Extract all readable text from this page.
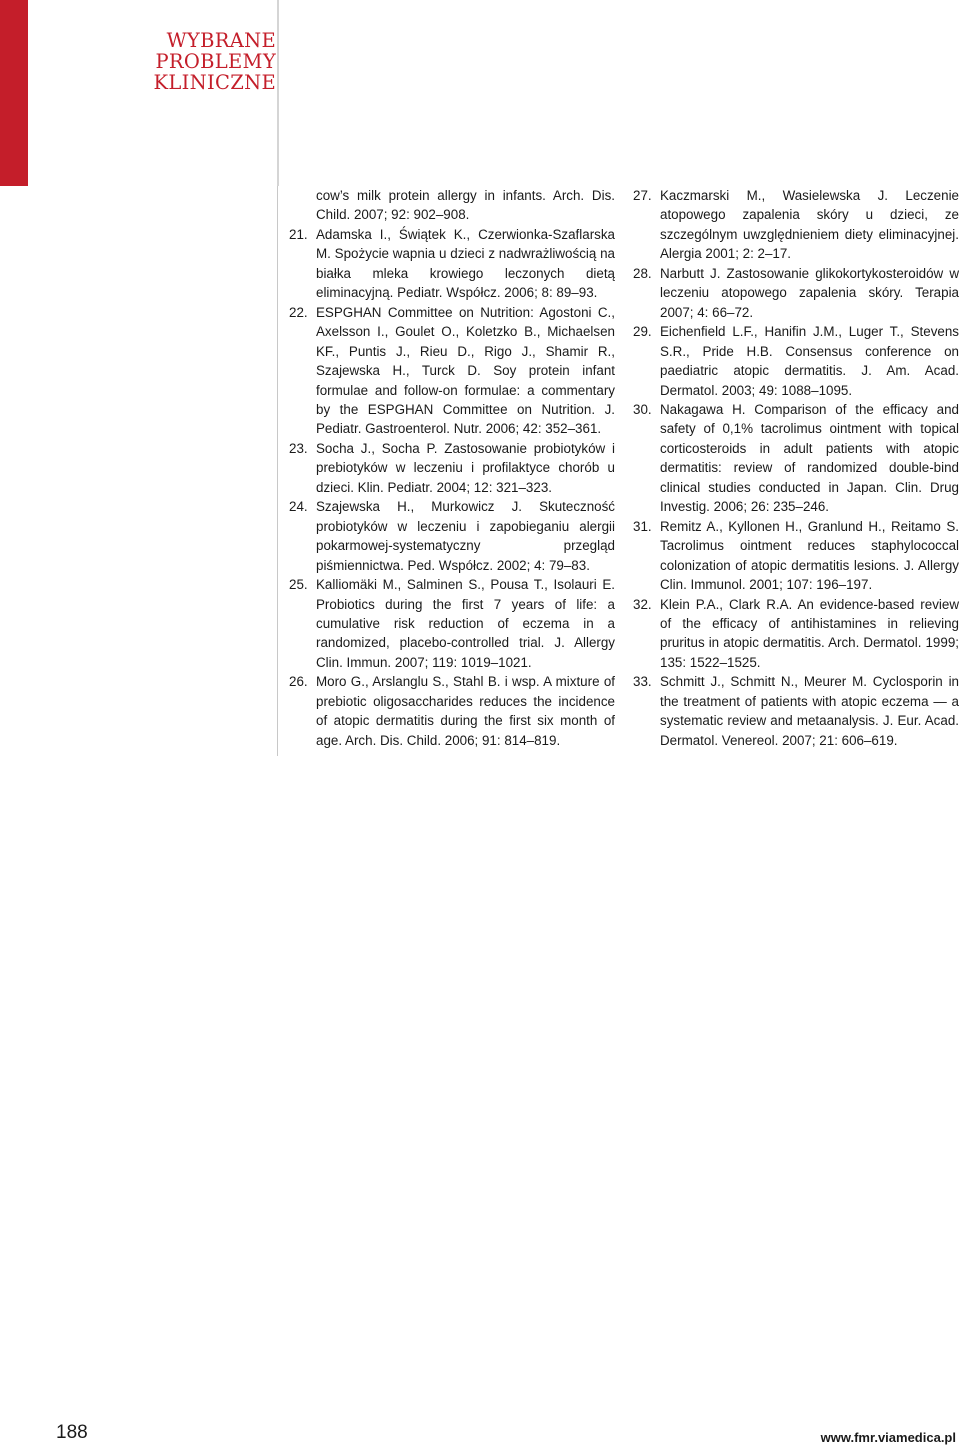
WYBRANE
PROBLEMY
KLINICZNE
cow’s milk protein allergy in infants. Arch. Dis. Child. 2007; 92: 902–908.
21. Adamska I., Świątek K., Czerwionka-Szaflarska M. Spożycie wapnia u dzieci z nadwrażliwością na białka mleka krowiego leczonych dietą eliminacyjną. Pediatr. Współcz. 2006; 8: 89–93.
22. ESPGHAN Committee on Nutrition: Agostoni C., Axelsson I., Goulet O., Koletzko B., Michaelsen KF., Puntis J., Rieu D., Rigo J., Shamir R., Szajewska H., Turck D. Soy protein infant formulae and follow-on formulae: a commentary by the ESPGHAN Committee on Nutrition. J. Pediatr. Gastroenterol. Nutr. 2006; 42: 352–361.
23. Socha J., Socha P. Zastosowanie probiotyków i prebiotyków w leczeniu i profilaktyce chorób u dzieci. Klin. Pediatr. 2004; 12: 321–323.
24. Szajewska H., Murkowicz J. Skuteczność probiotyków w leczeniu i zapobieganiu alergii pokarmowej-systematyczny przegląd piśmiennictwa. Ped. Współcz. 2002; 4: 79–83.
25. Kalliomäki M., Salminen S., Pousa T., Isolauri E. Probiotics during the first 7 years of life: a cumulative risk reduction of eczema in a randomized, placebo-controlled trial. J. Allergy Clin. Immun. 2007; 119: 1019–1021.
26. Moro G., Arslanglu S., Stahl B. i wsp. A mixture of prebiotic oligosaccharides reduces the incidence of atopic dermatitis during the first six month of age. Arch. Dis. Child. 2006; 91: 814–819.
27. Kaczmarski M., Wasielewska J. Leczenie atopowego zapalenia skóry u dzieci, ze szczególnym uwzględnieniem diety eliminacyjnej. Alergia 2001; 2: 2–17.
28. Narbutt J. Zastosowanie glikokortykosteroidów w leczeniu atopowego zapalenia skóry. Terapia 2007; 4: 66–72.
29. Eichenfield L.F., Hanifin J.M., Luger T., Stevens S.R., Pride H.B. Consensus conference on paediatric atopic dermatitis. J. Am. Acad. Dermatol. 2003; 49: 1088–1095.
30. Nakagawa H. Comparison of the efficacy and safety of 0,1% tacrolimus ointment with topical corticosteroids in adult patients with atopic dermatitis: review of randomized double-bind clinical studies conducted in Japan. Clin. Drug Investig. 2006; 26: 235–246.
31. Remitz A., Kyllonen H., Granlund H., Reitamo S. Tacrolimus ointment reduces staphylococcal colonization of atopic dermatitis lesions. J. Allergy Clin. Immunol. 2001; 107: 196–197.
32. Klein P.A., Clark R.A. An evidence-based review of the efficacy of antihistamines in relieving pruritus in atopic dermatitis. Arch. Dermatol. 1999; 135: 1522–1525.
33. Schmitt J., Schmitt N., Meurer M. Cyclosporin in the treatment of patients with atopic eczema — a systematic review and metaanalysis. J. Eur. Acad. Dermatol. Venereol. 2007; 21: 606–619.
188	www.fmr.viamedica.pl
